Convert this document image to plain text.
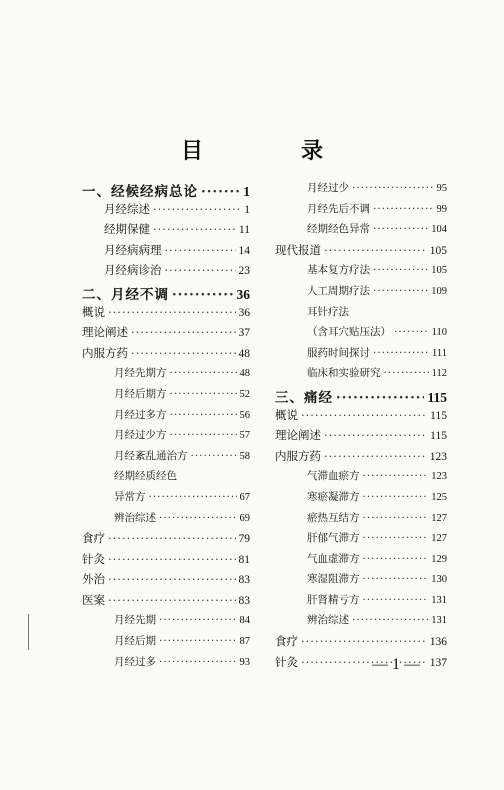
目　录
一、经候经病总论 ·····	1
月经综述 ·····	1
经期保健 ·····	11
月经病病理 ·····	14
月经病诊治 ·····	23
二、月经不调 ·····	36
概说 ·····	36
理论阐述 ·····	37
内服方药 ·····	48
月经先期方 ·····	48
月经后期方 ·····	52
月经过多方 ·····	56
月经过少方 ·····	57
月经紊乱通治方 ·····	58
经期经质经色
异常方 ·····	67
辨治综述 ·····	69
食疗 ·····	79
针灸 ·····	81
外治 ·····	83
医案 ·····	83
月经先期 ·····	84
月经后期 ·····	87
月经过多 ·····	93
月经过少 ·····	95
月经先后不调 ·····	99
经期经色异常 ·····	104
现代报道 ·····	105
基本复方疗法 ·····	105
人工周期疗法 ·····	109
耳针疗法
（含耳穴贴压法） ·····	110
服药时间探讨 ·····	111
临床和实验研究 ·····	112
三、痛经 ·····	115
概说 ·····	115
理论阐述 ·····	115
内服方药 ·····	123
气滞血瘀方 ·····	123
寒瘀凝滞方 ·····	125
瘀热互结方 ·····	127
肝郁气滞方 ·····	127
气血虚滞方 ·····	129
寒湿阻滞方 ·····	130
肝肾精亏方 ·····	131
辨治综述 ·····	131
食疗 ·····	136
针灸 ·····	137
— 1 —
